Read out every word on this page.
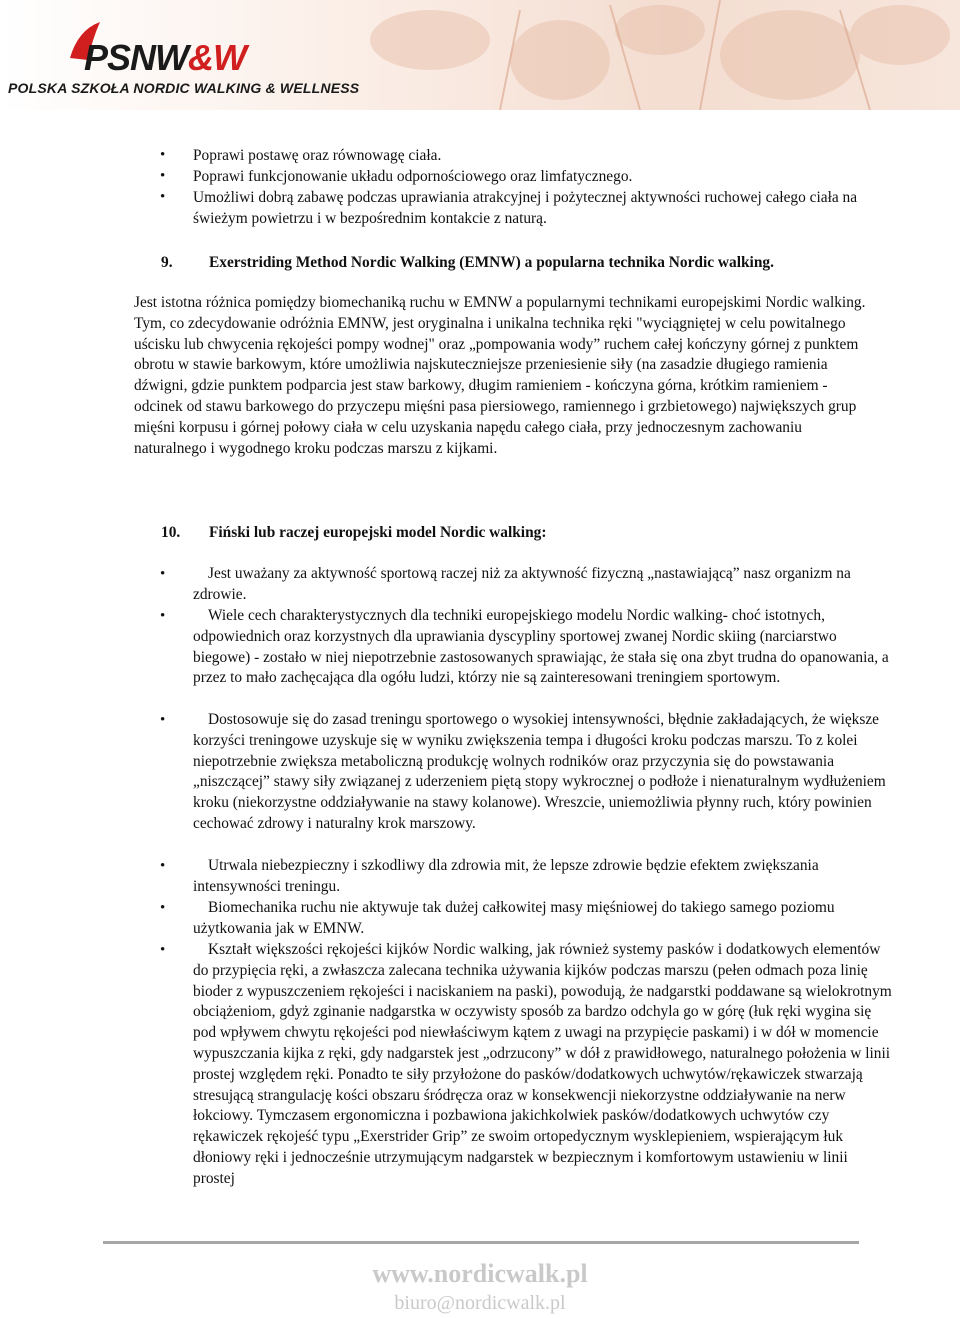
PSNW&W
POLSKA SZKOŁA NORDIC WALKING & WELLNESS
•	Poprawi postawę oraz równowagę ciała.
•	Poprawi funkcjonowanie układu odpornościowego oraz limfatycznego.
•	Umożliwi dobrą zabawę podczas uprawiania atrakcyjnej i pożytecznej aktywności ruchowej całego ciała na świeżym powietrzu i w bezpośrednim kontakcie z naturą.
9. Exerstriding Method Nordic Walking (EMNW) a popularna technika Nordic walking.
Jest istotna różnica pomiędzy biomechaniką ruchu w EMNW a popularnymi technikami europejskimi Nordic walking. Tym, co zdecydowanie odróżnia EMNW, jest oryginalna i unikalna technika ręki "wyciągniętej w celu powitalnego uścisku lub chwycenia rękojeści pompy wodnej" oraz „pompowania wody” ruchem całej kończyny górnej z punktem obrotu w stawie barkowym, które umożliwia najskuteczniejsze przeniesienie siły (na zasadzie długiego ramienia dźwigni, gdzie punktem podparcia jest staw barkowy, długim ramieniem - kończyna górna, krótkim ramieniem - odcinek od stawu barkowego do przyczepu mięśni pasa piersiowego, ramiennego i grzbietowego) największych grup mięśni korpusu i górnej połowy ciała w celu uzyskania napędu całego ciała, przy jednoczesnym zachowaniu naturalnego i wygodnego kroku podczas marszu z kijkami.
10. Fiński lub raczej europejski model Nordic walking:
•	Jest uważany za aktywność sportową raczej niż za aktywność fizyczną „nastawiającą” nasz organizm na zdrowie.
•	Wiele cech charakterystycznych dla techniki europejskiego modelu Nordic walking- choć istotnych, odpowiednich oraz korzystnych dla uprawiania dyscypliny sportowej zwanej Nordic skiing (narciarstwo biegowe) - zostało w niej niepotrzebnie zastosowanych sprawiając, że stała się ona zbyt trudna do opanowania, a przez to mało zachęcająca dla ogółu ludzi, którzy nie są zainteresowani treningiem sportowym.
•	Dostosowuje się do zasad treningu sportowego o wysokiej intensywności, błędnie zakładających, że większe korzyści treningowe uzyskuje się w wyniku zwiększenia tempa i długości kroku podczas marszu. To z kolei niepotrzebnie zwiększa metaboliczną produkcję wolnych rodników oraz przyczynia się do powstawania „niszczącej” stawy siły związanej z uderzeniem piętą stopy wykrocznej o podłoże i nienaturalnym wydłużeniem kroku (niekorzystne oddziaływanie na stawy kolanowe). Wreszcie, uniemożliwia płynny ruch, który powinien cechować zdrowy i naturalny krok marszowy.
•	Utrwala niebezpieczny i szkodliwy dla zdrowia mit, że lepsze zdrowie będzie efektem zwiększania intensywności treningu.
•	Biomechanika ruchu nie aktywuje tak dużej całkowitej masy mięśniowej do takiego samego poziomu użytkowania jak w EMNW.
•	Kształt większości rękojeści kijków Nordic walking, jak również systemy pasków i dodatkowych elementów do przypięcia ręki, a zwłaszcza zalecana technika używania kijków podczas marszu (pełen odmach poza linię bioder z wypuszczeniem rękojeści i naciskaniem na paski), powodują, że nadgarstki poddawane są wielokrotnym obciążeniom, gdyż zginanie nadgarstka w oczywisty sposób za bardzo odchyla go w górę (łuk ręki wygina się pod wpływem chwytu rękojeści pod niewłaściwym kątem z uwagi na przypięcie paskami) i w dół w momencie wypuszczania kijka z ręki, gdy nadgarstek jest „odrzucony” w dół z prawidłowego, naturalnego położenia w linii prostej względem ręki. Ponadto te siły przyłożone do pasków/dodatkowych uchwytów/rękawiczek stwarzają stresującą strangulację kości obszaru śródręcza oraz w konsekwencji niekorzystne oddziaływanie na nerw łokciowy. Tymczasem ergonomiczna i pozbawiona jakichkolwiek pasków/dodatkowych uchwytów czy rękawiczek rękojeść typu „Exerstrider Grip” ze swoim ortopedycznym wysklepieniem, wspierającym łuk dłoniowy ręki i jednocześnie utrzymującym nadgarstek w bezpiecznym i komfortowym ustawieniu w linii prostej
www.nordicwalk.pl
biuro@nordicwalk.pl
